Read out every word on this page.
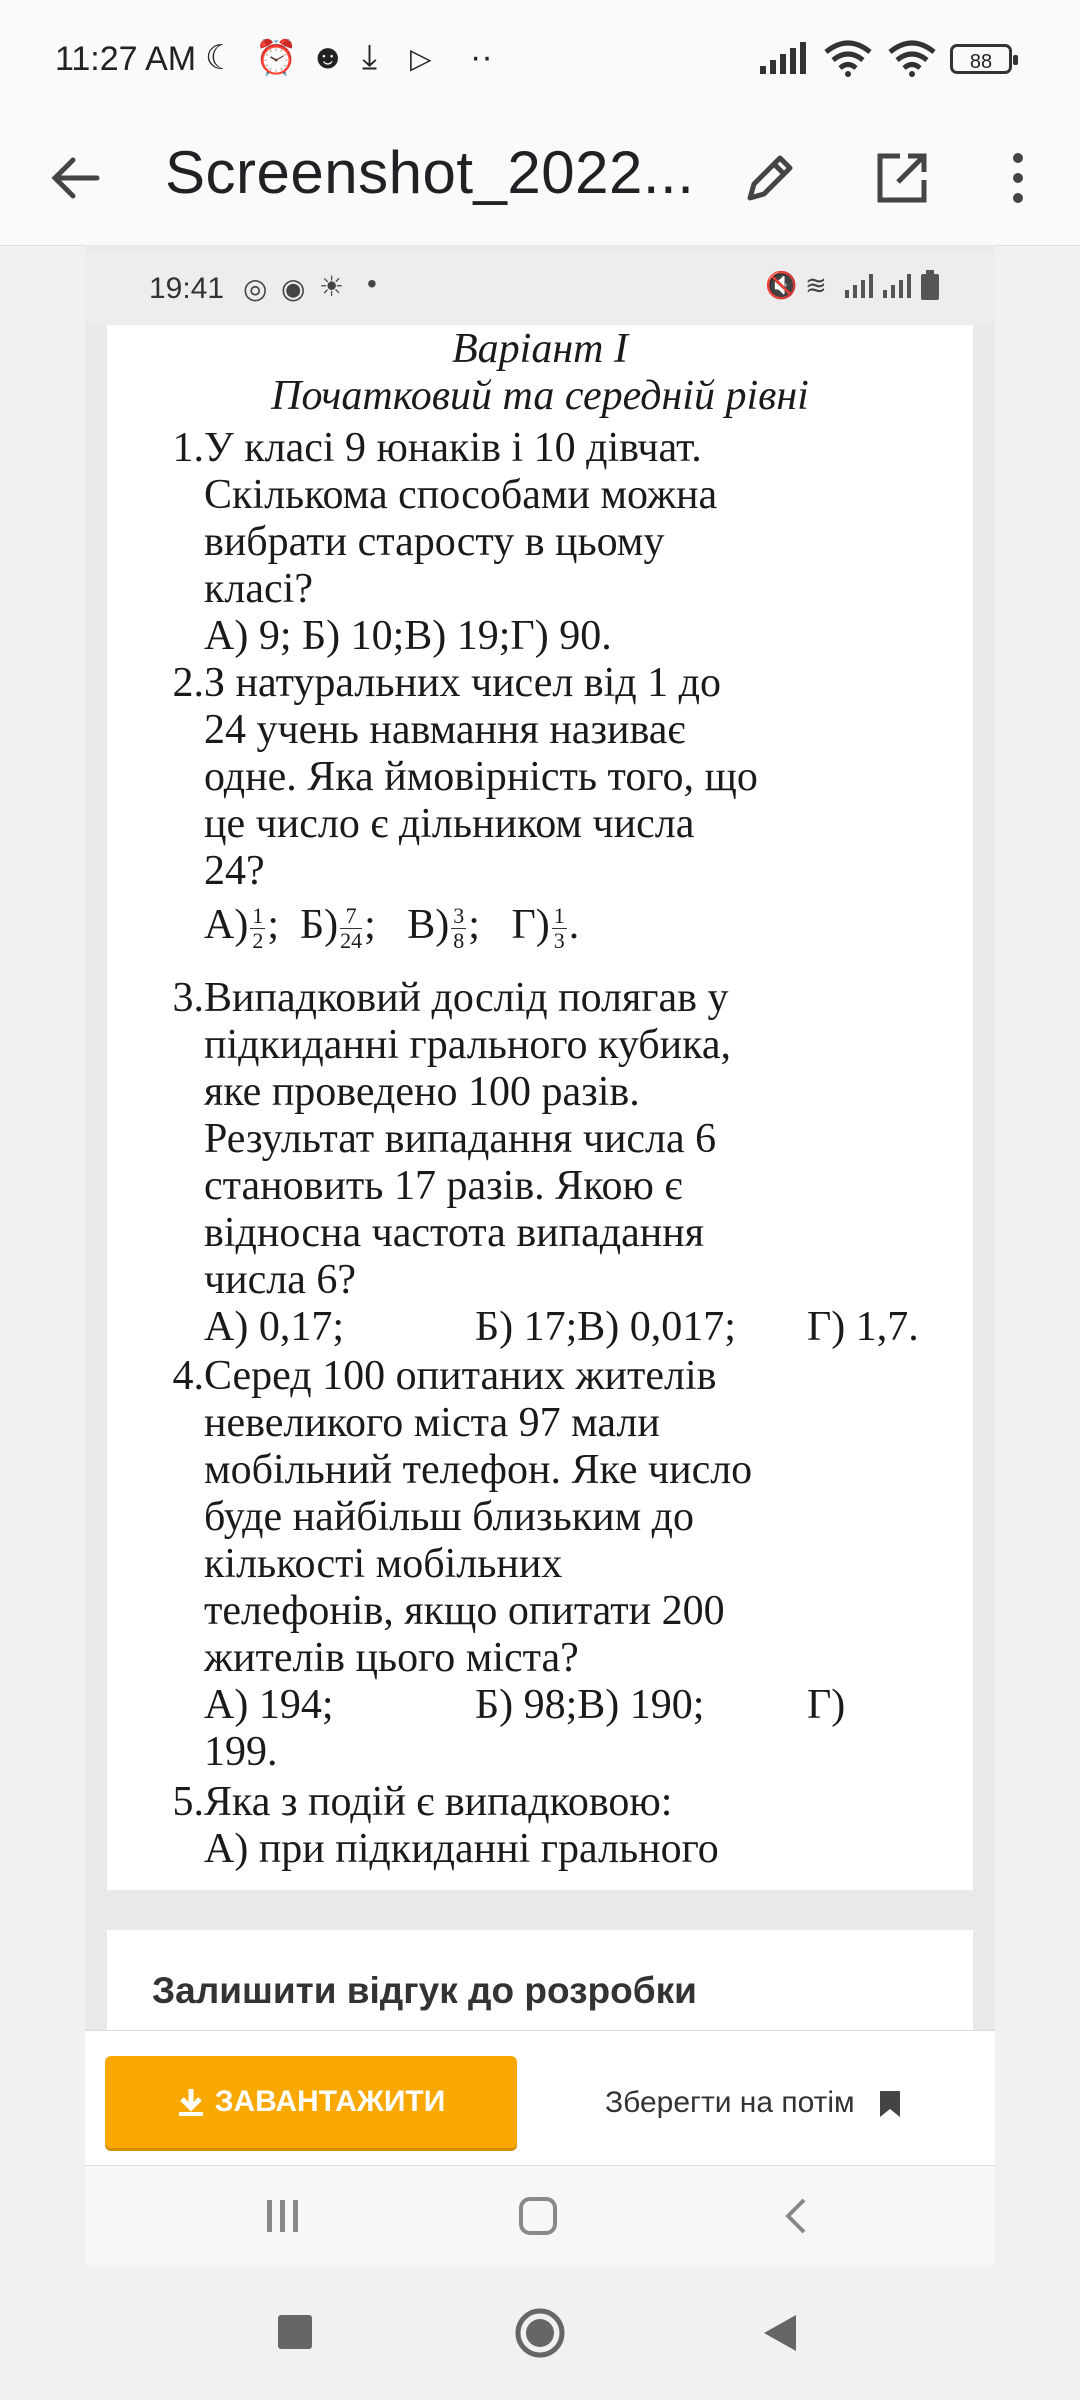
11:27 AM ☾ ⏰ ☻ ⤓ ▷ ··	88
Screenshot_2022...
19:41 ◎ ◉ ☀ •	🔇 ≋
Варіант І
Початковий та середній рівні
1. У класі 9 юнаків і 10 дівчат.
Скількома способами можна
вибрати старосту в цьому
класі?
А) 9; Б) 10;В) 19;Г) 90.
2. З натуральних чисел від 1 до
24 учень навмання називає
одне. Яка ймовірність того, що
це число є дільником числа
24?
$А) \frac{1}{2}$ ; $Б) \frac{7}{24}$ ; $В) \frac{3}{8}$ ; $Г) \frac{1}{3}$ .
3. Випадковий дослід полягав у
підкиданні грального кубика,
яке проведено 100 разів.
Результат випадання числа 6
становить 17 разів. Якою є
відносна частота випадання
числа 6?
А) 0,17;	Б) 17;В) 0,017; Г) 1,7.
4. Серед 100 опитаних жителів
невеликого міста 97 мали
мобільний телефон. Яке число
буде найбільш близьким до
кількості мобільних
телефонів, якщо опитати 200
жителів цього міста?
А) 194;	Б) 98;В) 190; Г)
199.
5. Яка з подій є випадковою:
А) при підкиданні грального
Залишити відгук до розробки
ЗАВАНТАЖИТИ	Зберегти на потім
